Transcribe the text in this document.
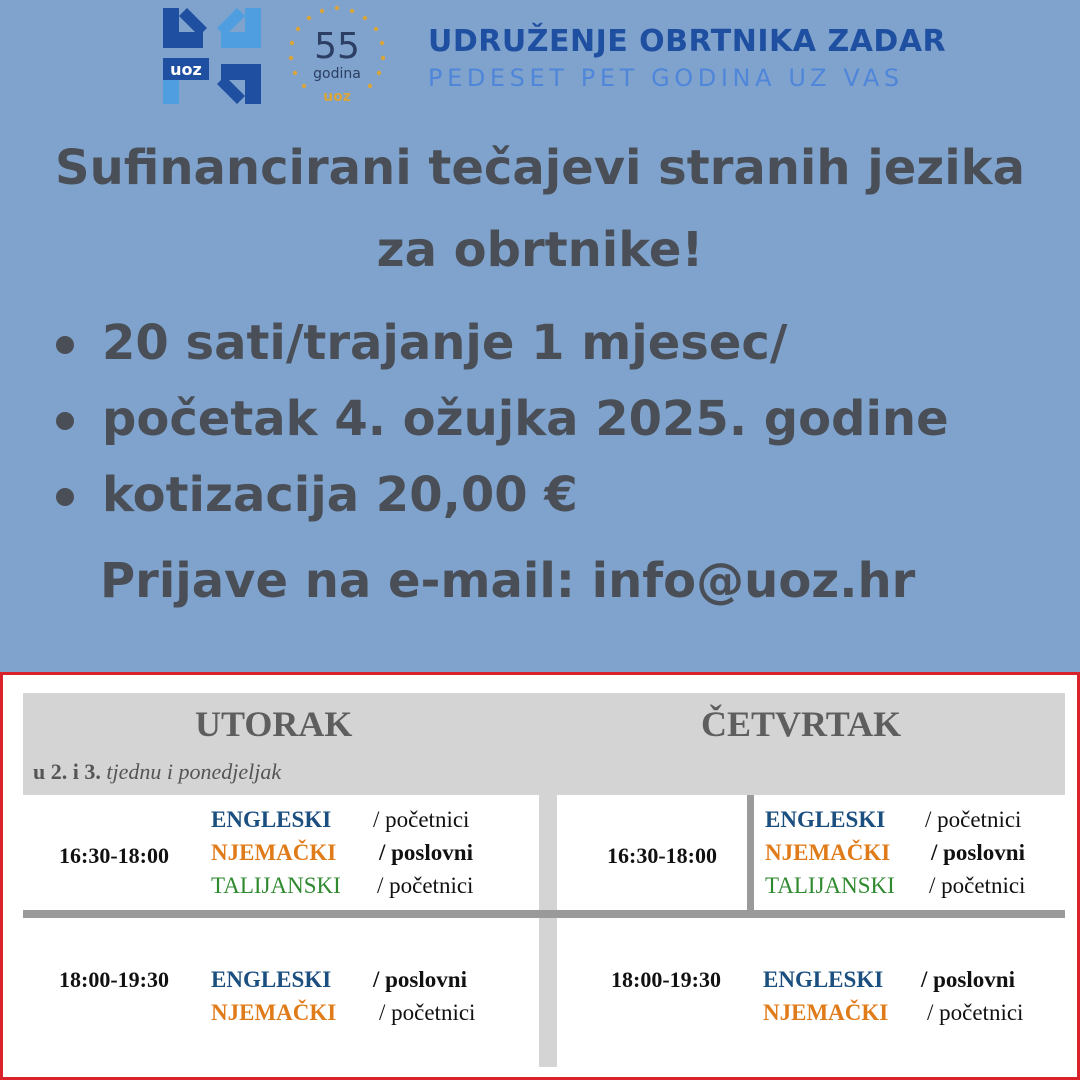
uoz
55
godina
uoz
UDRUŽENJE OBRTNIKA ZADAR
PEDESET PET GODINA UZ VAS
Sufinancirani tečajevi stranih jezika
za obrtnike!
20 sati/trajanje 1 mjesec/
početak 4. ožujka 2025. godine
kotizacija 20,00 €
Prijave na e-mail: info@uoz.hr
UTORAK
u 2. i 3. tjednu i ponedjeljak
ČETVRTAK
16:30-18:00
ENGLESKI / početnici
NJEMAČKI / poslovni
TALIJANSKI / početnici
18:00-19:30 ENGLESKI / poslovni
NJEMAČKI / početnici
16:30-18:00
ENGLESKI / početnici
NJEMAČKI / poslovni
TALIJANSKI / početnici
18:00-19:30 ENGLESKI / poslovni
NJEMAČKI / početnici
